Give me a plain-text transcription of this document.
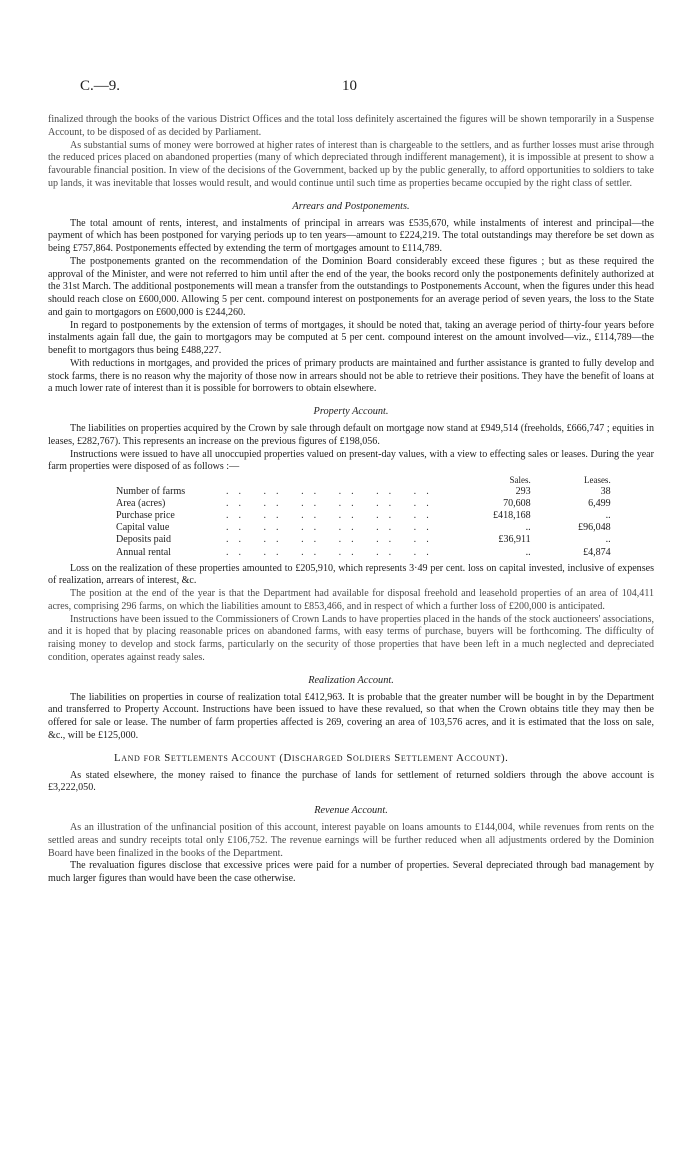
C.—9.	10

finalized through the books of the various District Offices and the total loss definitely ascertained the figures will be shown temporarily in a Suspense Account, to be disposed of as decided by Parliament.

As substantial sums of money were borrowed at higher rates of interest than is chargeable to the settlers, and as further losses must arise through the reduced prices placed on abandoned properties (many of which depreciated through indifferent management), it is impossible at present to show a favourable financial position. In view of the decisions of the Government, backed up by the public generally, to afford opportunities to soldiers to take up lands, it was inevitable that losses would result, and would continue until such time as properties became occupied by the right class of settler.

Arrears and Postponements.

The total amount of rents, interest, and instalments of principal in arrears was £535,670, while instalments of interest and principal—the payment of which has been postponed for varying periods up to ten years—amount to £224,219. The total outstandings may therefore be set down as being £757,864. Postponements effected by extending the term of mortgages amount to £114,789.

The postponements granted on the recommendation of the Dominion Board considerably exceed these figures ; but as these required the approval of the Minister, and were not referred to him until after the end of the year, the books record only the postponements definitely authorized at the 31st March. The additional postponements will mean a transfer from the outstandings to Postponements Account, when the figures under this head should reach close on £600,000. Allowing 5 per cent. compound interest on postponements for an average period of seven years, the loss to the State and gain to mortgagors on £600,000 is £244,260.

In regard to postponements by the extension of terms of mortgages, it should be noted that, taking an average period of thirty-four years before instalments again fall due, the gain to mortgagors may be computed at 5 per cent. compound interest on the amount involved—viz., £114,789—the benefit to mortgagors thus being £488,227.

With reductions in mortgages, and provided the prices of primary products are maintained and further assistance is granted to fully develop and stock farms, there is no reason why the majority of those now in arrears should not be able to retrieve their positions. They have the benefit of loans at a much lower rate of interest than it is possible for borrowers to obtain elsewhere.

Property Account.

The liabilities on properties acquired by the Crown by sale through default on mortgage now stand at £949,514 (freeholds, £666,747 ; equities in leases, £282,767). This represents an increase on the previous figures of £198,056.

Instructions were issued to have all unoccupied properties valued on present-day values, with a view to effecting sales or leases. During the year farm properties were disposed of as follows :—

		Sales.	Leases.
Number of farms	.. .. .. .. .. ..	293	38
Area (acres)	.. .. .. .. .. ..	70,608	6,499
Purchase price	.. .. .. .. .. ..	£418,168	..
Capital value	.. .. .. .. .. ..	..	£96,048
Deposits paid	.. .. .. .. .. ..	£36,911	..
Annual rental	.. .. .. .. .. ..	..	£4,874

Loss on the realization of these properties amounted to £205,910, which represents 3·49 per cent. loss on capital invested, inclusive of expenses of realization, arrears of interest, &c.

The position at the end of the year is that the Department had available for disposal freehold and leasehold properties of an area of 104,411 acres, comprising 296 farms, on which the liabilities amount to £853,466, and in respect of which a further loss of £200,000 is anticipated.

Instructions have been issued to the Commissioners of Crown Lands to have properties placed in the hands of the stock auctioneers' associations, and it is hoped that by placing reasonable prices on abandoned farms, with easy terms of purchase, buyers will be forthcoming. The difficulty of raising money to develop and stock farms, particularly on the security of those properties that have been left in a much neglected and depreciated condition, operates against ready sales.

Realization Account.

The liabilities on properties in course of realization total £412,963. It is probable that the greater number will be bought in by the Department and transferred to Property Account. Instructions have been issued to have these revalued, so that when the Crown obtains title they may then be offered for sale or lease. The number of farm properties affected is 269, covering an area of 103,576 acres, and it is estimated that the loss on sale, &c., will be £125,000.

Land for Settlements Account (Discharged Soldiers Settlement Account).

As stated elsewhere, the money raised to finance the purchase of lands for settlement of returned soldiers through the above account is £3,222,050.

Revenue Account.

As an illustration of the unfinancial position of this account, interest payable on loans amounts to £144,004, while revenues from rents on the settled areas and sundry receipts total only £106,752. The revenue earnings will be further reduced when all adjustments ordered by the Dominion Board have been finalized in the books of the Department.

The revaluation figures disclose that excessive prices were paid for a number of properties. Several depreciated through bad management by much larger figures than would have been the case otherwise.
